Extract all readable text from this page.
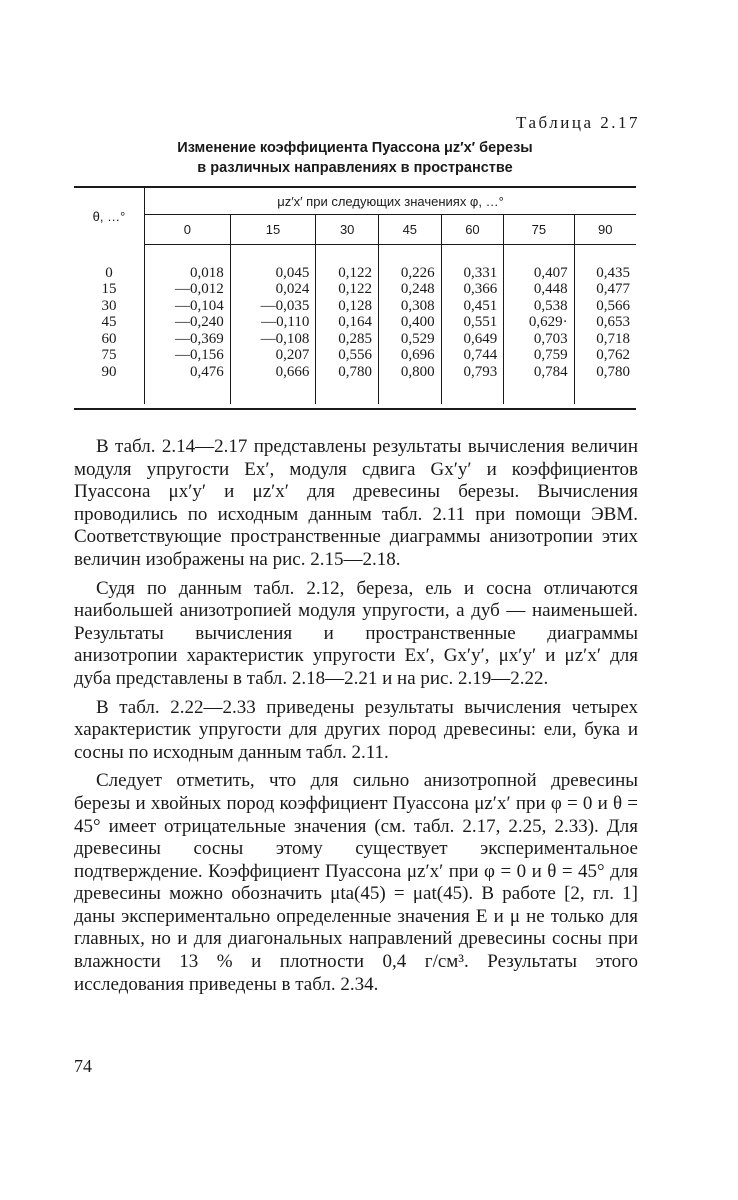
Таблица 2.17
Изменение коэффициента Пуассона μz′x′ березы
в различных направлениях в пространстве
θ, …°	μz′x′ при следующих значениях φ, …°						
	0	15	30	45	60	75	90

0	0,018	0,045	0,122	0,226	0,331	0,407	0,435
15	—0,012	0,024	0,122	0,248	0,366	0,448	0,477
30	—0,104	—0,035	0,128	0,308	0,451	0,538	0,566
45	—0,240	—0,110	0,164	0,400	0,551	0,629·	0,653
60	—0,369	—0,108	0,285	0,529	0,649	0,703	0,718
75	—0,156	0,207	0,556	0,696	0,744	0,759	0,762
90	0,476	0,666	0,780	0,800	0,793	0,784	0,780

В табл. 2.14—2.17 представлены результаты вычисления величин модуля упругости Ex′, модуля сдвига Gx′y′ и коэффициентов Пуассона μx′y′ и μz′x′ для древесины березы. Вычисления проводились по исходным данным табл. 2.11 при помощи ЭВМ. Соответствующие пространственные диаграммы анизотропии этих величин изображены на рис. 2.15—2.18.

Судя по данным табл. 2.12, береза, ель и сосна отличаются наибольшей анизотропией модуля упругости, а дуб — наименьшей. Результаты вычисления и пространственные диаграммы анизотропии характеристик упругости Ex′, Gx′y′, μx′y′ и μz′x′ для дуба представлены в табл. 2.18—2.21 и на рис. 2.19—2.22.

В табл. 2.22—2.33 приведены результаты вычисления четырех характеристик упругости для других пород древесины: ели, бука и сосны по исходным данным табл. 2.11.

Следует отметить, что для сильно анизотропной древесины березы и хвойных пород коэффициент Пуассона μz′x′ при φ = 0 и θ = 45° имеет отрицательные значения (см. табл. 2.17, 2.25, 2.33). Для древесины сосны этому существует экспериментальное подтверждение. Коэффициент Пуассона μz′x′ при φ = 0 и θ = 45° для древесины можно обозначить μta(45) = μat(45). В работе [2, гл. 1] даны экспериментально определенные значения E и μ не только для главных, но и для диагональных направлений древесины сосны при влажности 13 % и плотности 0,4 г/см³. Результаты этого исследования приведены в табл. 2.34.

74
